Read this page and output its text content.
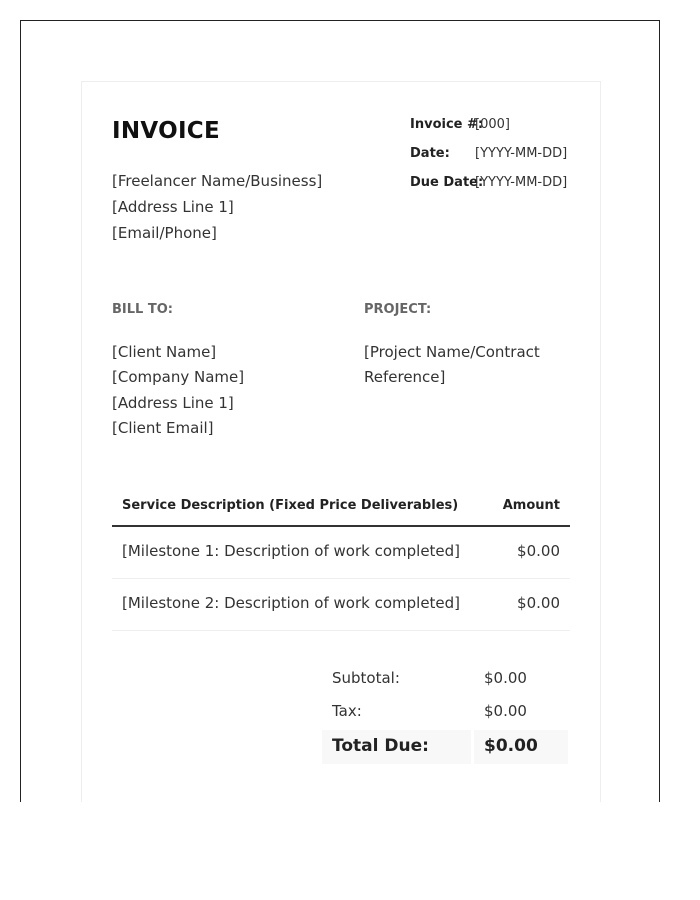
INVOICE
[Freelancer Name/Business]
[Address Line 1]
[Email/Phone]
Invoice #:
[000]
Date: [YYYY-MM-DD]
Due Date:
[YYYY-MM-DD]
BILL TO:
[Client Name]
[Company Name]
[Address Line 1]
[Client Email]
PROJECT:
[Project Name/Contract Reference]
Service Description (Fixed Price Deliverables)	Amount
[Milestone 1: Description of work completed]	$0.00
[Milestone 2: Description of work completed]	$0.00
Subtotal:	$0.00
Tax:	$0.00
Total Due:	$0.00
